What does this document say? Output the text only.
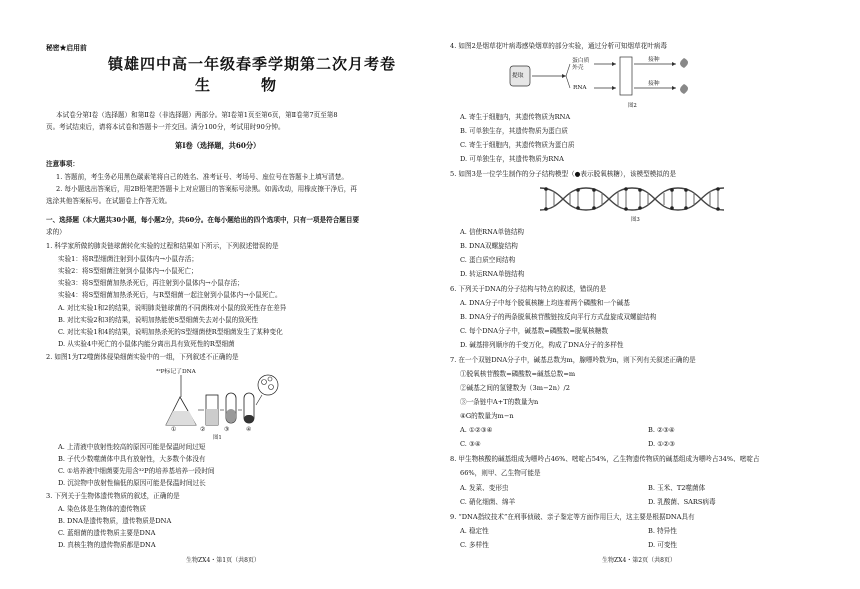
秘密★启用前
镇雄四中高一年级春季学期第二次月考卷
生　物
本试卷分第Ⅰ卷（选择题）和第Ⅱ卷（非选择题）两部分。第Ⅰ卷第1页至第6页，第Ⅱ卷第7页至第8
页。考试结束后，请将本试卷和答题卡一并交回。满分100分，考试用时90分钟。
第Ⅰ卷（选择题，共60分）
注意事项：
1. 答题前，考生务必用黑色碳素笔将自己的姓名、准考证号、考场号、座位号在答题卡上填写清楚。
2. 每小题选出答案后，用2B铅笔把答题卡上对应题目的答案标号涂黑。如需改动，用橡皮擦干净后，再
选涂其他答案标号。在试题卷上作答无效。
一、选择题（本大题共30小题，每小题2分，共60分。在每小题给出的四个选项中，只有一项是符合题目要
求的）
1. 科学家所做的肺炎链球菌转化实验的过程和结果如下所示，下列叙述错误的是
实验1：将R型细菌注射到小鼠体内→小鼠存活；
实验2：将S型细菌注射到小鼠体内→小鼠死亡；
实验3：将S型细菌加热杀死后，再注射到小鼠体内→小鼠存活；
实验4：将S型细菌加热杀死后，与R型细菌一起注射到小鼠体内→小鼠死亡。
A. 对比实验1和2的结果，说明肺炎链球菌的不同菌株对小鼠的致死性存在差异
B. 对比实验2和3的结果，说明加热能使S型细菌失去对小鼠的致死性
C. 对比实验1和4的结果，说明加热杀死的S型细菌使R型细菌发生了某种变化
D. 从实验4中死亡的小鼠体内能分离出具有致死性的R型细菌
2. 如图1为T2噬菌体侵染细菌实验中的一组，下列叙述不正确的是
³²P标记了DNA
①	②	③	④
图1
A. 上清液中放射性较高的原因可能是保温时间过短
B. 子代少数噬菌体中具有放射性，大多数个体没有
C. ①培养液中细菌要先用含³²P的培养基培养一段时间
D. 沉淀物中放射性偏低的原因可能是保温时间过长
3. 下列关于生物体遗传物质的叙述，正确的是
A. 染色体是生物体的遗传物质
B. DNA是遗传物质，遗传物质是DNA
C. 蓝细菌的遗传物质主要是DNA
D. 真核生物的遗传物质都是DNA
生物ZX4・第1页（共8页）
4. 如图2是烟草花叶病毒感染烟草的部分实验，通过分析可知烟草花叶病毒
提取
蛋白质
外壳
RNA
接种
接种
图2
A. 寄生于细胞内，其遗传物质为RNA
B. 可单独生存，其遗传物质为蛋白质
C. 寄生于细胞内，其遗传物质为蛋白质
D. 可单独生存，其遗传物质为RNA
5. 如图3是一位学生制作的分子结构模型（●表示脱氧核糖），该模型模拟的是
图3
A. 信使RNA单链结构
B. DNA双螺旋结构
C. 蛋白质空间结构
D. 转运RNA单链结构
6. 下列关于DNA的分子结构与特点的叙述，错误的是
A. DNA分子中每个脱氧核糖上均连着两个磷酸和一个碱基
B. DNA分子的两条脱氧核苷酸链按反向平行方式盘旋成双螺旋结构
C. 每个DNA分子中，碱基数=磷酸数=脱氧核糖数
D. 碱基排列顺序的千变万化，构成了DNA分子的多样性
7. 在一个双链DNA分子中，碱基总数为m，腺嘌呤数为n，则下列有关叙述正确的是
①脱氧核苷酸数=磷酸数=碱基总数=m
②碱基之间的氢键数为（3m−2n）/2
③一条链中A+T的数量为n
④G的数量为m−n
A. ①②③④	B. ②③④
C. ③④	D. ①②③
8. 甲生物核酸的碱基组成为嘌呤占46%、嘧啶占54%，乙生物遗传物质的碱基组成为嘌呤占34%、嘧啶占
66%，则甲、乙生物可能是
A. 发菜、变形虫	B. 玉米、T2噬菌体
C. 硝化细菌、绵羊	D. 乳酸菌、SARS病毒
9. “DNA指纹技术”在刑事侦破、亲子鉴定等方面作用巨大，这主要是根据DNA具有
A. 稳定性	B. 特异性
C. 多样性	D. 可变性
生物ZX4・第2页（共8页）
